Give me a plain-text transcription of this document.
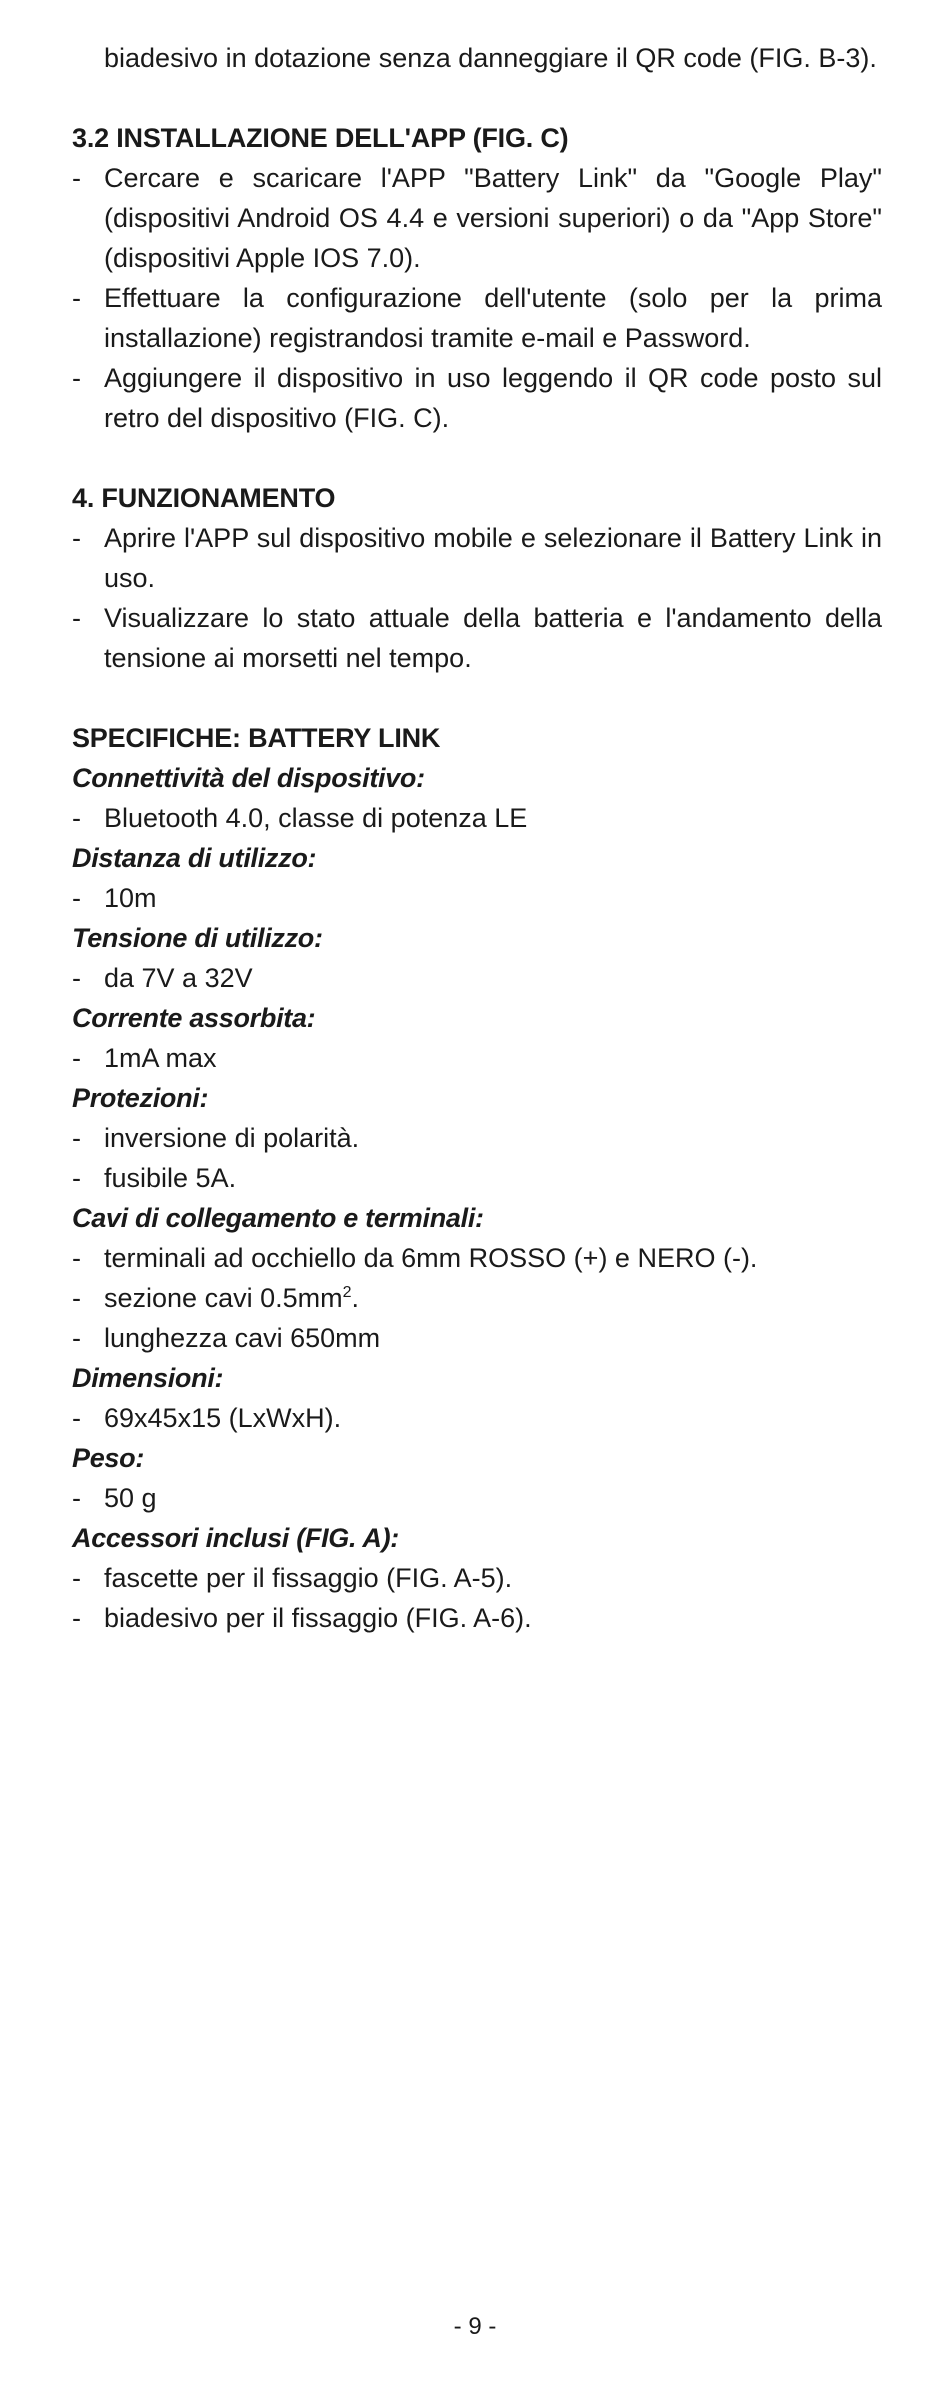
biadesivo in dotazione senza danneggiare il QR code (FIG. B-3).

3.2 INSTALLAZIONE DELL'APP (FIG. C)
- Cercare e scaricare l'APP "Battery Link" da "Google Play" (dispositivi Android OS 4.4 e versioni superiori) o da "App Store" (dispositivi Apple IOS 7.0).
- Effettuare la configurazione dell'utente (solo per la prima installazione) registrandosi tramite e-mail e Password.
- Aggiungere il dispositivo in uso leggendo il QR code posto sul retro del dispositivo (FIG. C).
4. FUNZIONAMENTO
- Aprire l'APP sul dispositivo mobile e selezionare il Battery Link in uso.
- Visualizzare lo stato attuale della batteria e l'andamento della tensione ai morsetti nel tempo.
SPECIFICHE: BATTERY LINK

Connettività del dispositivo:

- Bluetooth 4.0, classe di potenza LE

Distanza di utilizzo:

- 10m

Tensione di utilizzo:

- da 7V a 32V

Corrente assorbita:

- 1mA max

Protezioni:

- inversione di polarità.
- fusibile 5A.

Cavi di collegamento e terminali:

- terminali ad occhiello da 6mm ROSSO (+) e NERO (-).
- sezione cavi $0.5mm^2$.
- lunghezza cavi 650mm

Dimensioni:

- 69x45x15 (LxWxH).

Peso:

- 50 g

Accessori inclusi (FIG. A):

- fascette per il fissaggio (FIG. A-5).
- biadesivo per il fissaggio (FIG. A-6).
- 9 -
